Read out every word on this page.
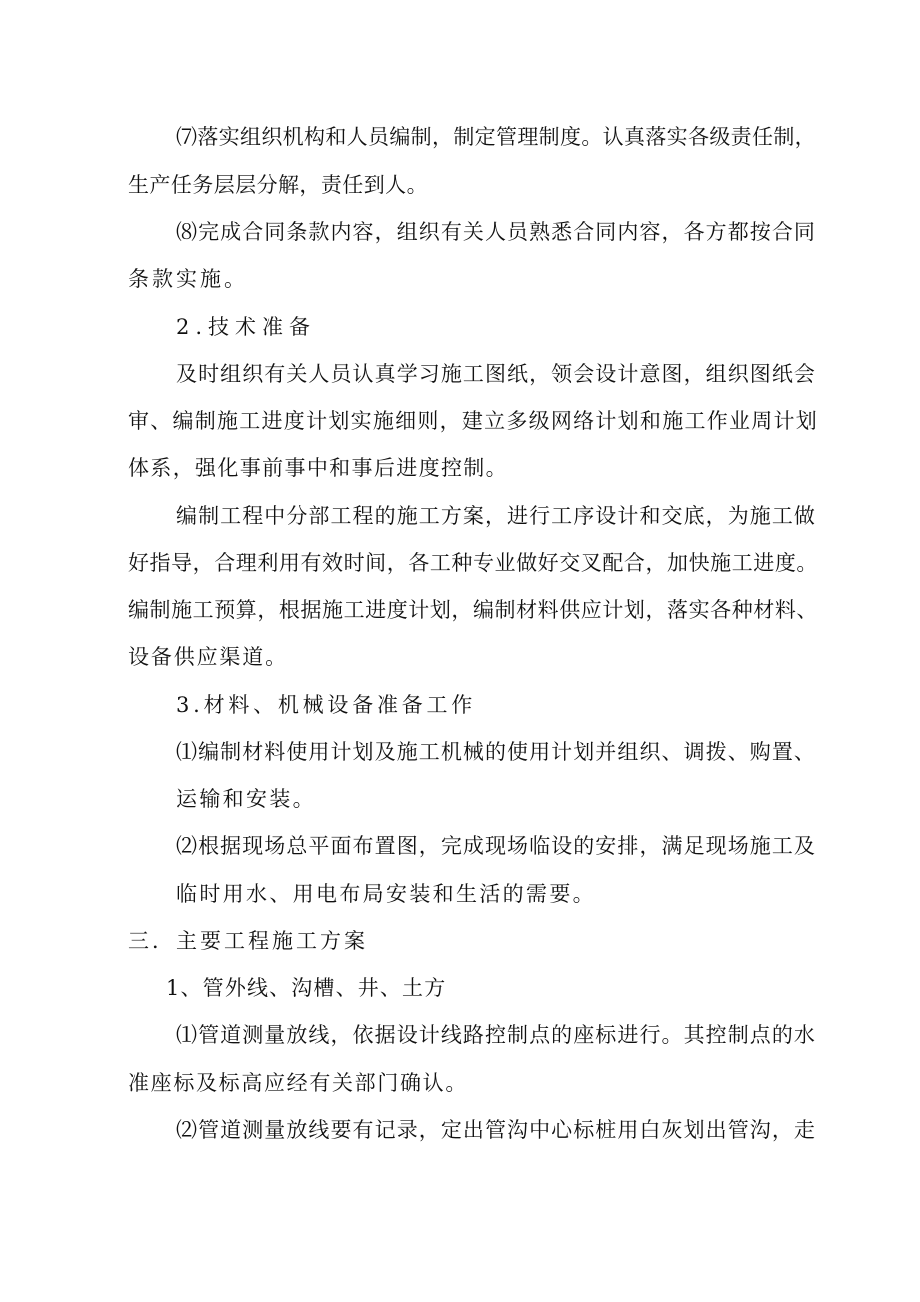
⑺落实组织机构和人员编制，制定管理制度。认真落实各级责任制，
生产任务层层分解，责任到人。
⑻完成合同条款内容，组织有关人员熟悉合同内容，各方都按合同
条款实施。
2.技术准备
及时组织有关人员认真学习施工图纸，领会设计意图，组织图纸会
审、编制施工进度计划实施细则，建立多级网络计划和施工作业周计划
体系，强化事前事中和事后进度控制。
编制工程中分部工程的施工方案，进行工序设计和交底，为施工做
好指导，合理利用有效时间，各工种专业做好交叉配合，加快施工进度。
编制施工预算，根据施工进度计划，编制材料供应计划，落实各种材料、
设备供应渠道。
3.材料、机械设备准备工作
⑴编制材料使用计划及施工机械的使用计划并组织、调拨、购置、
运输和安装。
⑵根据现场总平面布置图，完成现场临设的安排，满足现场施工及
临时用水、用电布局安装和生活的需要。
三．主要工程施工方案
1、管外线、沟槽、井、土方
⑴管道测量放线，依据设计线路控制点的座标进行。其控制点的水
准座标及标高应经有关部门确认。
⑵管道测量放线要有记录，定出管沟中心标桩用白灰划出管沟，走
